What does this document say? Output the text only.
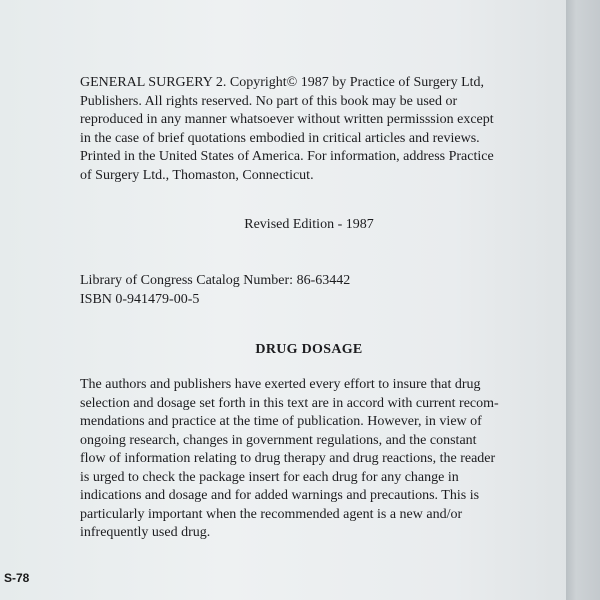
GENERAL SURGERY 2. Copyright© 1987 by Practice of Surgery Ltd,
Publishers. All rights reserved. No part of this book may be used or
reproduced in any manner whatsoever without written permisssion except
in the case of brief quotations embodied in critical articles and reviews.
Printed in the United States of America. For information, address Practice
of Surgery Ltd., Thomaston, Connecticut.
Revised Edition - 1987
Library of Congress Catalog Number: 86-63442
ISBN 0-941479-00-5
DRUG DOSAGE
The authors and publishers have exerted every effort to insure that drug
selection and dosage set forth in this text are in accord with current recom-
mendations and practice at the time of publication. However, in view of
ongoing research, changes in government regulations, and the constant
flow of information relating to drug therapy and drug reactions, the reader
is urged to check the package insert for each drug for any change in
indications and dosage and for added warnings and precautions. This is
particularly important when the recommended agent is a new and/or
infrequently used drug.
S-78
